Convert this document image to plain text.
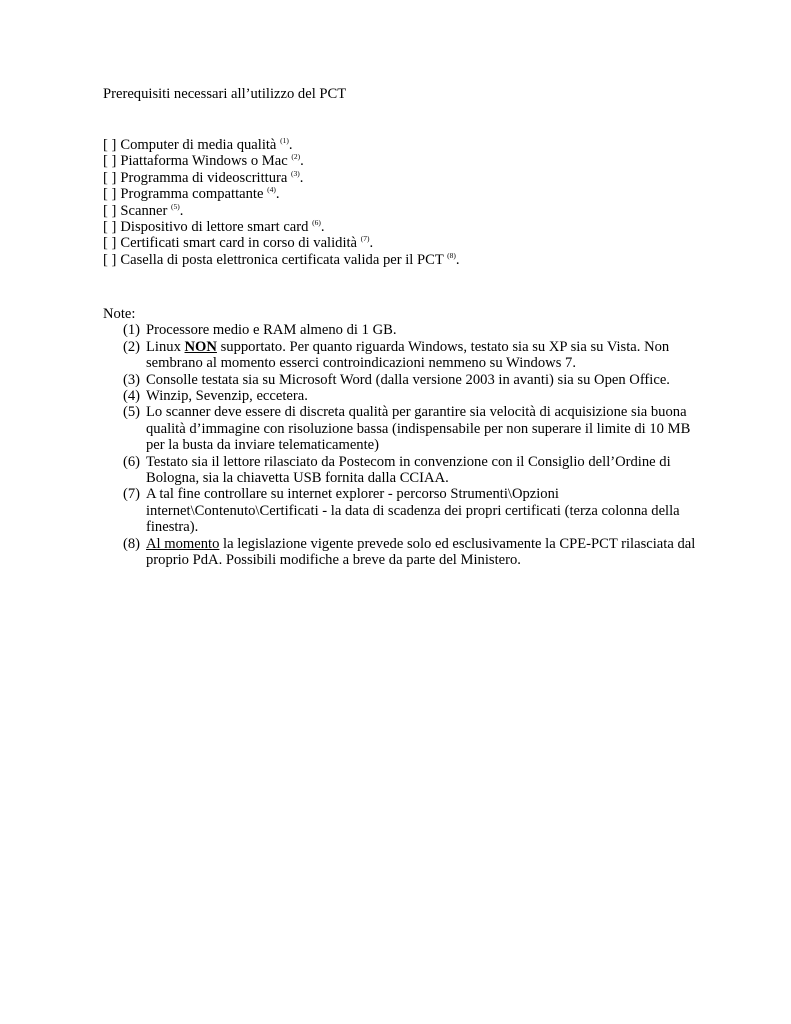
Prerequisiti necessari all’utilizzo del PCT
[ ] Computer di media qualità $^{(1)}$.
[ ] Piattaforma Windows o Mac $^{(2)}$.
[ ] Programma di videoscrittura $^{(3)}$.
[ ] Programma compattante $^{(4)}$.
[ ] Scanner $^{(5)}$.
[ ] Dispositivo di lettore smart card $^{(6)}$.
[ ] Certificati smart card in corso di validità $^{(7)}$.
[ ] Casella di posta elettronica certificata valida per il PCT $^{(8)}$.

Note:

(1) Processore medio e RAM almeno di 1 GB.
(2) Linux NON supportato. Per quanto riguarda Windows, testato sia su XP sia su Vista. Non sembrano al momento esserci controindicazioni nemmeno su Windows 7.
(3) Consolle testata sia su Microsoft Word (dalla versione 2003 in avanti) sia su Open Office.
(4) Winzip, Sevenzip, eccetera.
(5) Lo scanner deve essere di discreta qualità per garantire sia velocità di acquisizione sia buona qualità d’immagine con risoluzione bassa (indispensabile per non superare il limite di 10 MB per la busta da inviare telematicamente)
(6) Testato sia il lettore rilasciato da Postecom in convenzione con il Consiglio dell’Ordine di Bologna, sia la chiavetta USB fornita dalla CCIAA.
(7) A tal fine controllare su internet explorer - percorso Strumenti\Opzioni internet\Contenuto\Certificati - la data di scadenza dei propri certificati (terza colonna della finestra).
(8) Al momento la legislazione vigente prevede solo ed esclusivamente la CPE-PCT rilasciata dal proprio PdA. Possibili modifiche a breve da parte del Ministero.
